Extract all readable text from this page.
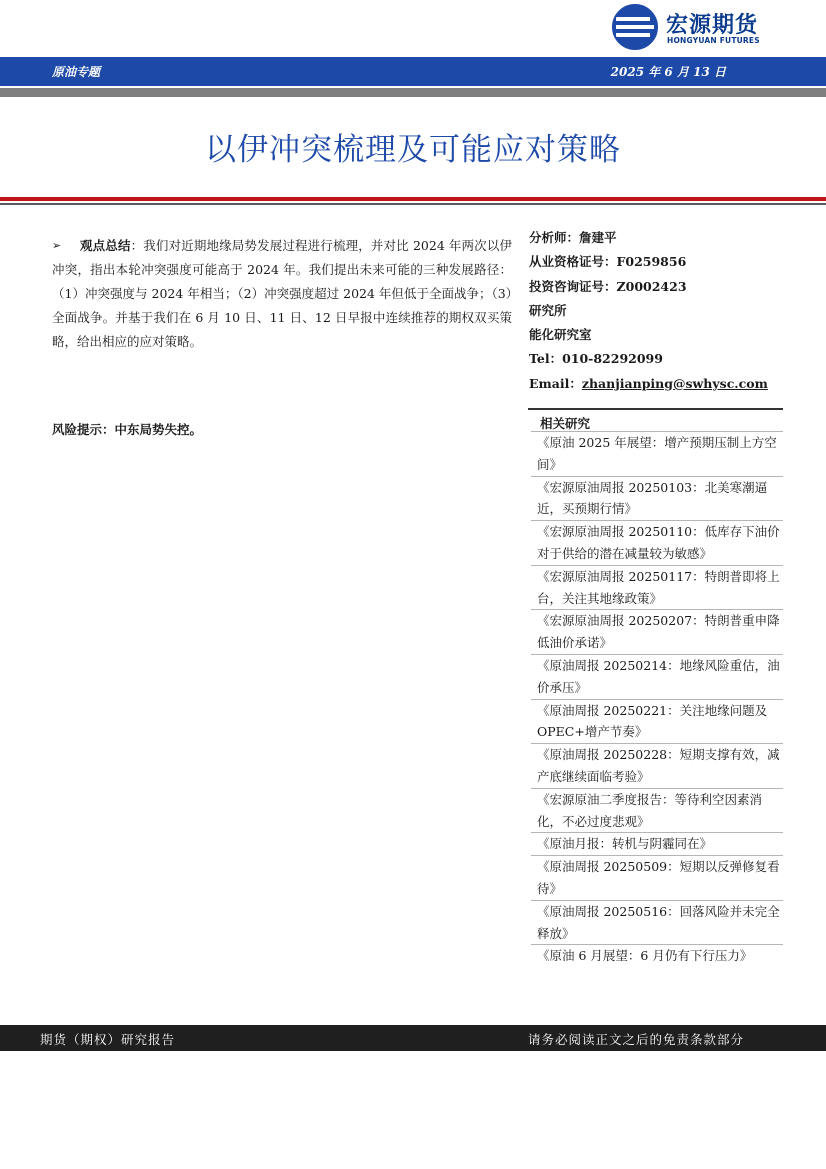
宏源期货
HONGYUAN FUTURES
原油专题	2025 年 6 月 13 日
以伊冲突梳理及可能应对策略
➢	观点总结：我们对近期地缘局势发展过程进行梳理，并对比 2024 年两次以伊冲突，指出本轮冲突强度可能高于 2024 年。我们提出未来可能的三种发展路径：（1）冲突强度与 2024 年相当；（2）冲突强度超过 2024 年但低于全面战争；（3）全面战争。并基于我们在 6 月 10 日、11 日、12 日早报中连续推荐的期权双买策略，给出相应的应对策略。
风险提示：中东局势失控。
分析师：詹建平
从业资格证号：F0259856
投资咨询证号：Z0002423
研究所
能化研究室
Tel：010-82292099
Email：zhanjianping@swhysc.com
相关研究
《原油 2025 年展望：增产预期压制上方空间》
《宏源原油周报 20250103：北美寒潮逼近，买预期行情》
《宏源原油周报 20250110：低库存下油价对于供给的潜在减量较为敏感》
《宏源原油周报 20250117：特朗普即将上台，关注其地缘政策》
《宏源原油周报 20250207：特朗普重申降低油价承诺》
《原油周报 20250214：地缘风险重估，油价承压》
《原油周报 20250221：关注地缘问题及 OPEC+增产节奏》
《原油周报 20250228：短期支撑有效，减产底继续面临考验》
《宏源原油二季度报告：等待利空因素消化，不必过度悲观》
《原油月报：转机与阴霾同在》
《原油周报 20250509：短期以反弹修复看待》
《原油周报 20250516：回落风险并未完全释放》
《原油 6 月展望：6 月仍有下行压力》
期货（期权）研究报告	请务必阅读正文之后的免责条款部分
